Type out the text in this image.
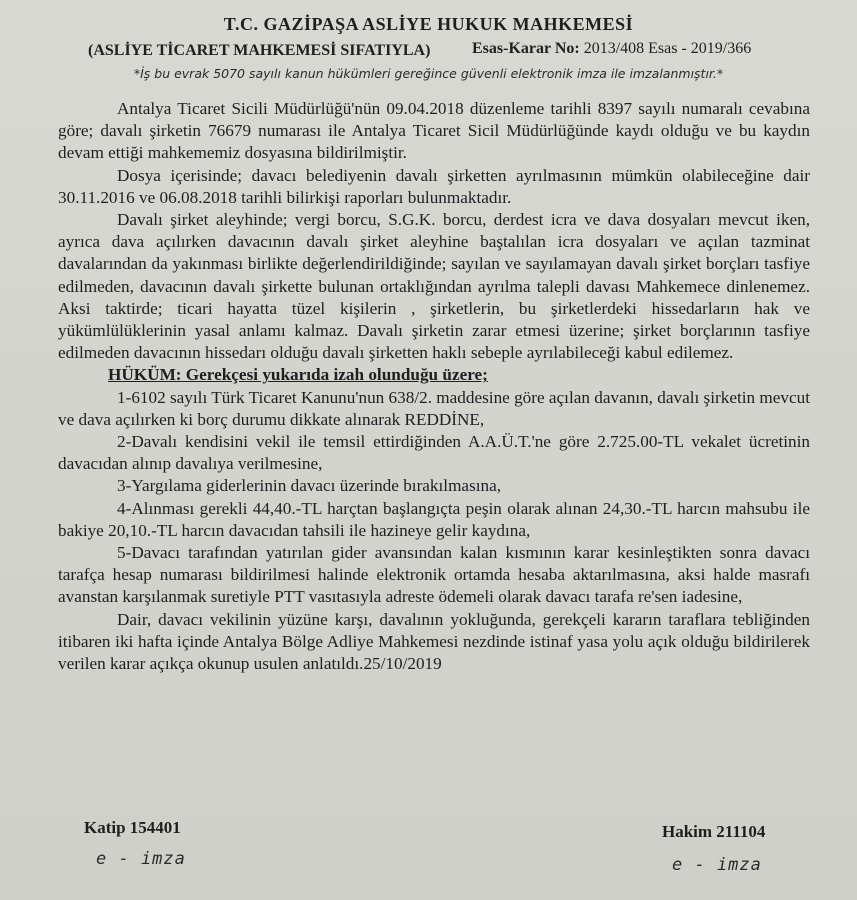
T.C. GAZİPAŞA ASLİYE HUKUK MAHKEMESİ
(ASLİYE TİCARET MAHKEMESİ SIFATIYLA)	Esas-Karar No: 2013/408 Esas - 2019/366
*İş bu evrak 5070 sayılı kanun hükümleri gereğince güvenli elektronik imza ile imzalanmıştır.*

Antalya Ticaret Sicili Müdürlüğü'nün 09.04.2018 düzenleme tarihli 8397 sayılı numaralı cevabına göre; davalı şirketin 76679 numarası ile Antalya Ticaret Sicil Müdürlüğünde kaydı olduğu ve bu kaydın devam ettiği mahkememiz dosyasına bildirilmiştir.

Dosya içerisinde; davacı belediyenin davalı şirketten ayrılmasının mümkün olabileceğine dair 30.11.2016 ve 06.08.2018 tarihli bilirkişi raporları bulunmaktadır.

Davalı şirket aleyhinde; vergi borcu, S.G.K. borcu, derdest icra ve dava dosyaları mevcut iken, ayrıca dava açılırken davacının davalı şirket aleyhine baştalılan icra dosyaları ve açılan tazminat davalarından da yakınması birlikte değerlendirildiğinde; sayılan ve sayılamayan davalı şirket borçları tasfiye edilmeden, davacının davalı şirkette bulunan ortaklığından ayrılma talepli davası Mahkemece dinlenemez. Aksi taktirde; ticari hayatta tüzel kişilerin , şirketlerin, bu şirketlerdeki hissedarların hak ve yükümlülüklerinin yasal anlamı kalmaz. Davalı şirketin zarar etmesi üzerine; şirket borçlarının tasfiye edilmeden davacının hissedarı olduğu davalı şirketten haklı sebeple ayrılabileceği kabul edilemez.

HÜKÜM: Gerekçesi yukarıda izah olunduğu üzere;

1-6102 sayılı Türk Ticaret Kanunu'nun 638/2. maddesine göre açılan davanın, davalı şirketin mevcut ve dava açılırken ki borç durumu dikkate alınarak REDDİNE,

2-Davalı kendisini vekil ile temsil ettirdiğinden A.A.Ü.T.'ne göre 2.725.00-TL vekalet ücretinin davacıdan alınıp davalıya verilmesine,

3-Yargılama giderlerinin davacı üzerinde bırakılmasına,

4-Alınması gerekli 44,40.-TL harçtan başlangıçta peşin olarak alınan 24,30.-TL harcın mahsubu ile bakiye 20,10.-TL harcın davacıdan tahsili ile hazineye gelir kaydına,

5-Davacı tarafından yatırılan gider avansından kalan kısmının karar kesinleştikten sonra davacı tarafça hesap numarası bildirilmesi halinde elektronik ortamda hesaba aktarılmasına, aksi halde masrafı avanstan karşılanmak suretiyle PTT vasıtasıyla adreste ödemeli olarak davacı tarafa re'sen iadesine,

Dair, davacı vekilinin yüzüne karşı, davalının yokluğunda, gerekçeli kararın taraflara tebliğinden itibaren iki hafta içinde Antalya Bölge Adliye Mahkemesi nezdinde istinaf yasa yolu açık olduğu bildirilerek verilen karar açıkça okunup usulen anlatıldı.25/10/2019

Katip 154401
e - imza
Hakim 211104
e - imza
